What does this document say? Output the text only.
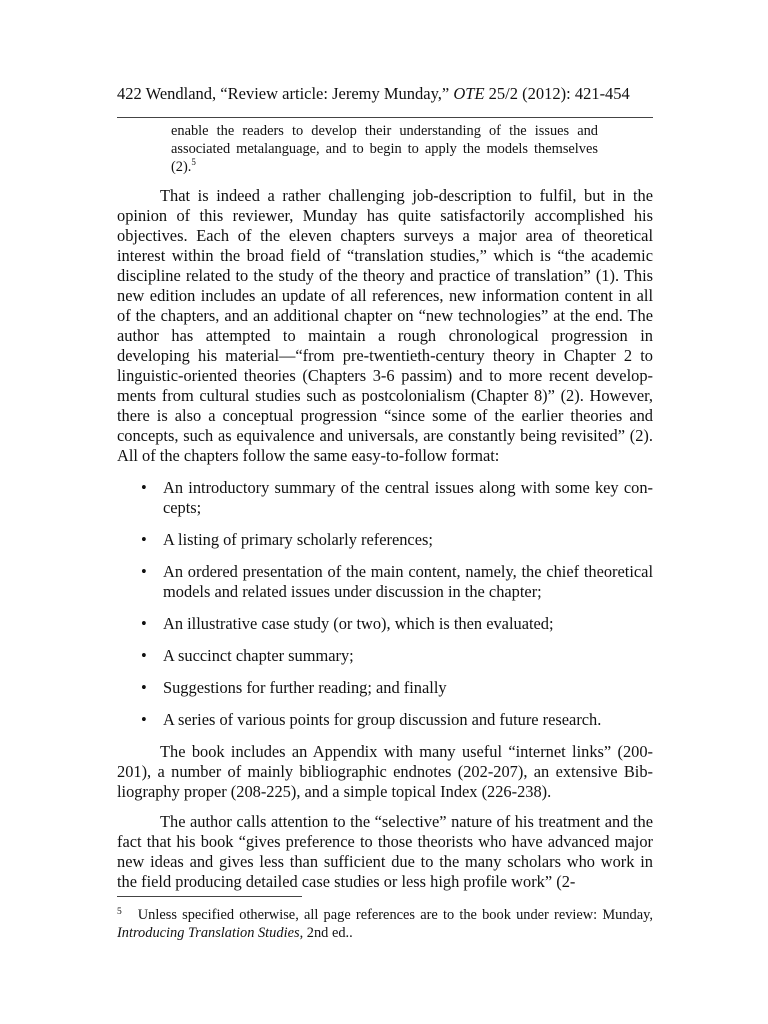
422 Wendland, “Review article: Jeremy Munday,” OTE 25/2 (2012): 421-454
enable the readers to develop their understanding of the issues and associated metalanguage, and to begin to apply the models themselves (2).$^5$

That is indeed a rather challenging job-description to fulfil, but in the opinion of this reviewer, Munday has quite satisfactorily accomplished his objectives. Each of the eleven chapters surveys a major area of theoretical interest within the broad field of “translation studies,” which is “the academic discipline related to the study of the theory and practice of translation” (1). This new edition includes an update of all references, new information content in all of the chapters, and an additional chapter on “new technologies” at the end. The author has attempted to maintain a rough chronological progression in developing his material—“from pre-twentieth-century theory in Chapter 2 to linguistic-oriented theories (Chapters 3-6 passim) and to more recent developments from cultural studies such as postcolonialism (Chapter 8)” (2). However, there is also a conceptual progression “since some of the earlier theories and concepts, such as equivalence and universals, are constantly being revisited” (2). All of the chapters follow the same easy-to-follow format:

• An introductory summary of the central issues along with some key concepts;
• A listing of primary scholarly references;
• An ordered presentation of the main content, namely, the chief theoretical models and related issues under discussion in the chapter;
• An illustrative case study (or two), which is then evaluated;
• A succinct chapter summary;
• Suggestions for further reading; and finally
• A series of various points for group discussion and future research.

The book includes an Appendix with many useful “internet links” (200-201), a number of mainly bibliographic endnotes (202-207), an extensive Bibliography proper (208-225), and a simple topical Index (226-238).

The author calls attention to the “selective” nature of his treatment and the fact that his book “gives preference to those theorists who have advanced major new ideas and gives less than sufficient due to the many scholars who work in the field producing detailed case studies or less high profile work” (2-

$^5$ Unless specified otherwise, all page references are to the book under review: Munday, Introducing Translation Studies, 2nd ed..
